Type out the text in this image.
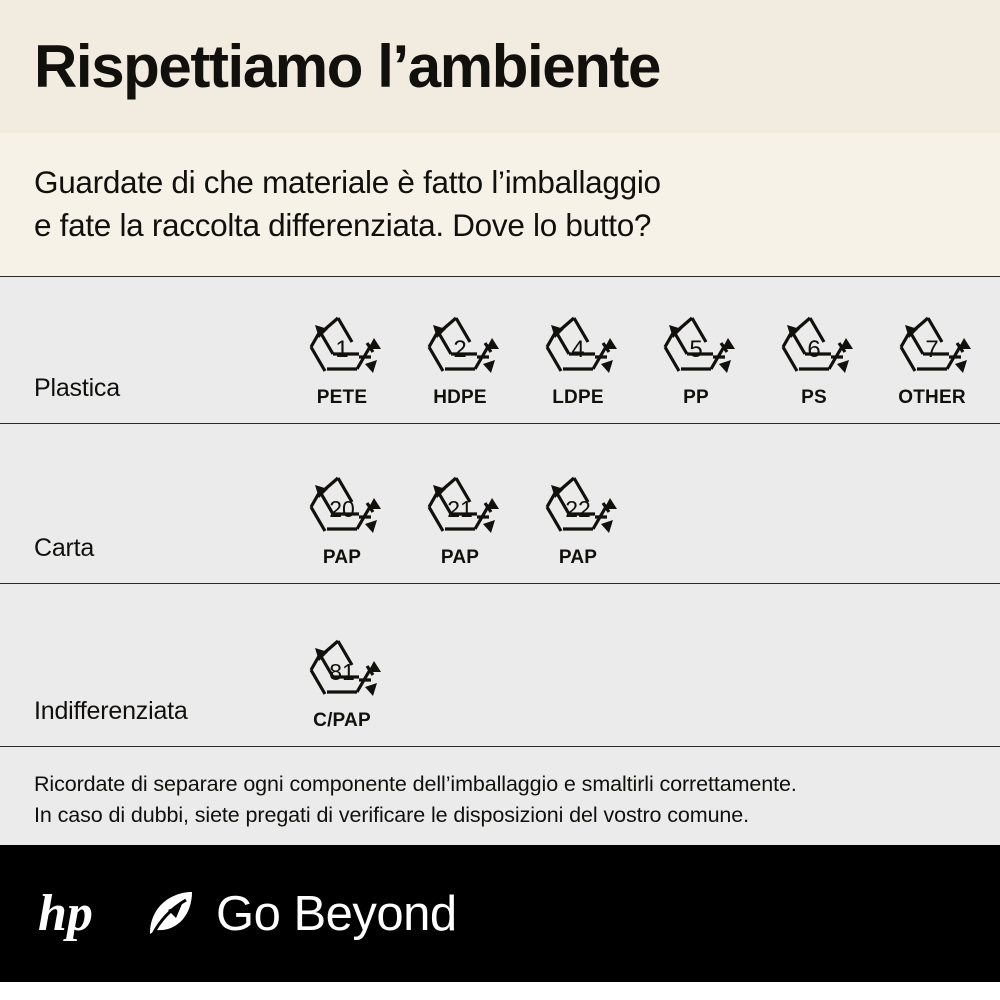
Rispettiamo l’ambiente
Guardate di che materiale è fatto l’imballaggio
e fate la raccolta differenziata. Dove lo butto?
Plastica
1
PETE
2
HDPE
4
LDPE
5
PP
6
PS
7
OTHER
Carta
20
PAP
21
PAP
22
PAP
Indifferenziata
81
C/PAP
Ricordate di separare ogni componente dell’imballaggio e smaltirli correttamente.
In caso di dubbi, siete pregati di verificare le disposizioni del vostro comune.
hp	Go Beyond
